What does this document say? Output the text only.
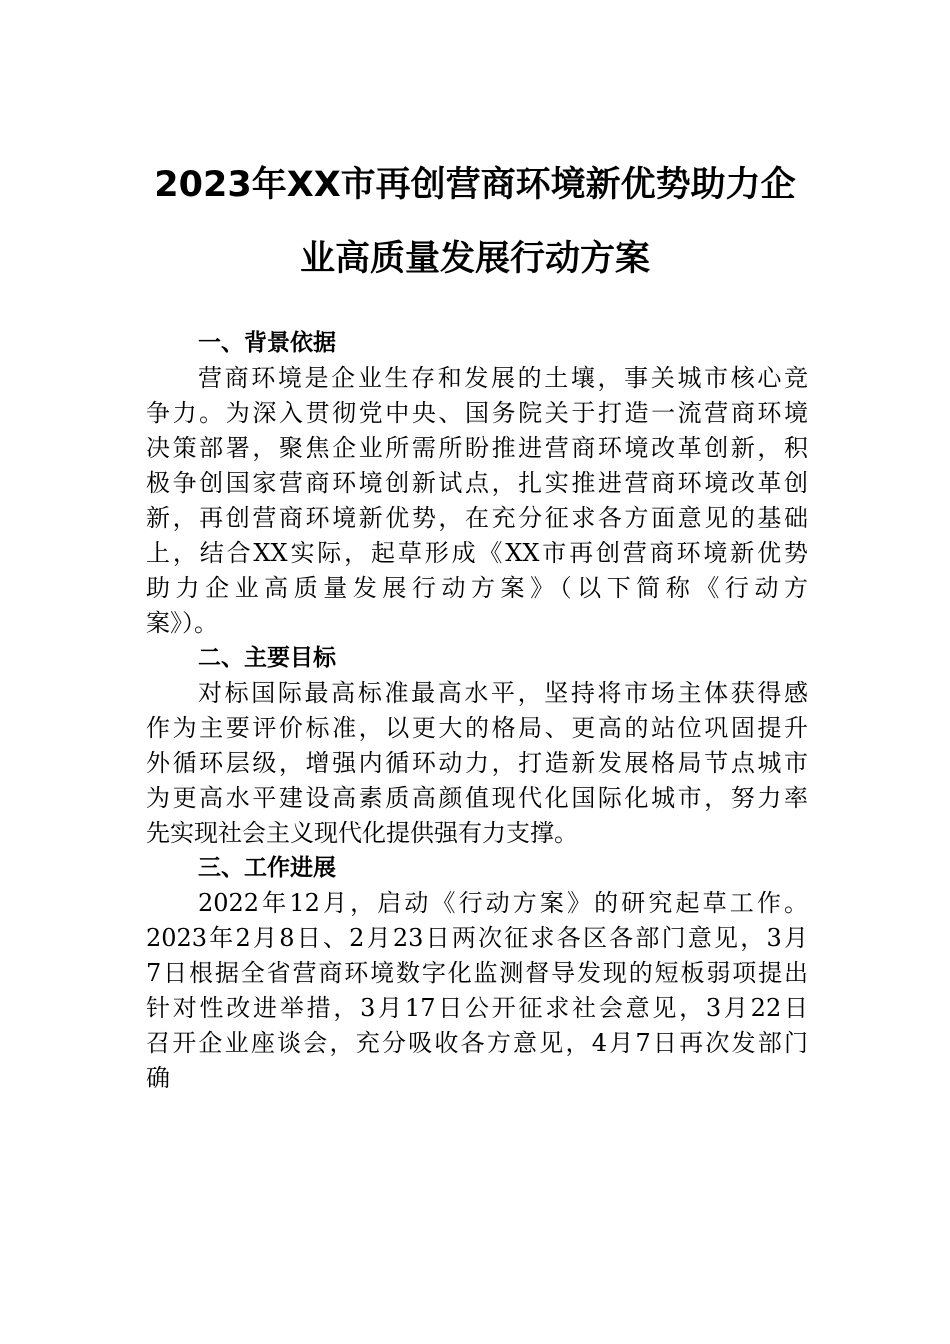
2023年XX市再创营商环境新优势助力企
业高质量发展行动方案
一、背景依据

营商环境是企业生存和发展的土壤，事关城市核心竞
争力。为深入贯彻党中央、国务院关于打造一流营商环境
决策部署，聚焦企业所需所盼推进营商环境改革创新，积
极争创国家营商环境创新试点，扎实推进营商环境改革创
新，再创营商环境新优势，在充分征求各方面意见的基础
上，结合XX实际，起草形成《XX市再创营商环境新优势
助力企业高质量发展行动方案》（以下简称《行动方
案》）。

二、主要目标

对标国际最高标准最高水平，坚持将市场主体获得感
作为主要评价标准，以更大的格局、更高的站位巩固提升
外循环层级，增强内循环动力，打造新发展格局节点城市
为更高水平建设高素质高颜值现代化国际化城市，努力率
先实现社会主义现代化提供强有力支撑。

三、工作进展

2022年12月，启动《行动方案》的研究起草工作。
2023年2月8日、2月23日两次征求各区各部门意见，3月
7日根据全省营商环境数字化监测督导发现的短板弱项提出
针对性改进举措，3月17日公开征求社会意见，3月22日
召开企业座谈会，充分吸收各方意见，4月7日再次发部门
确
